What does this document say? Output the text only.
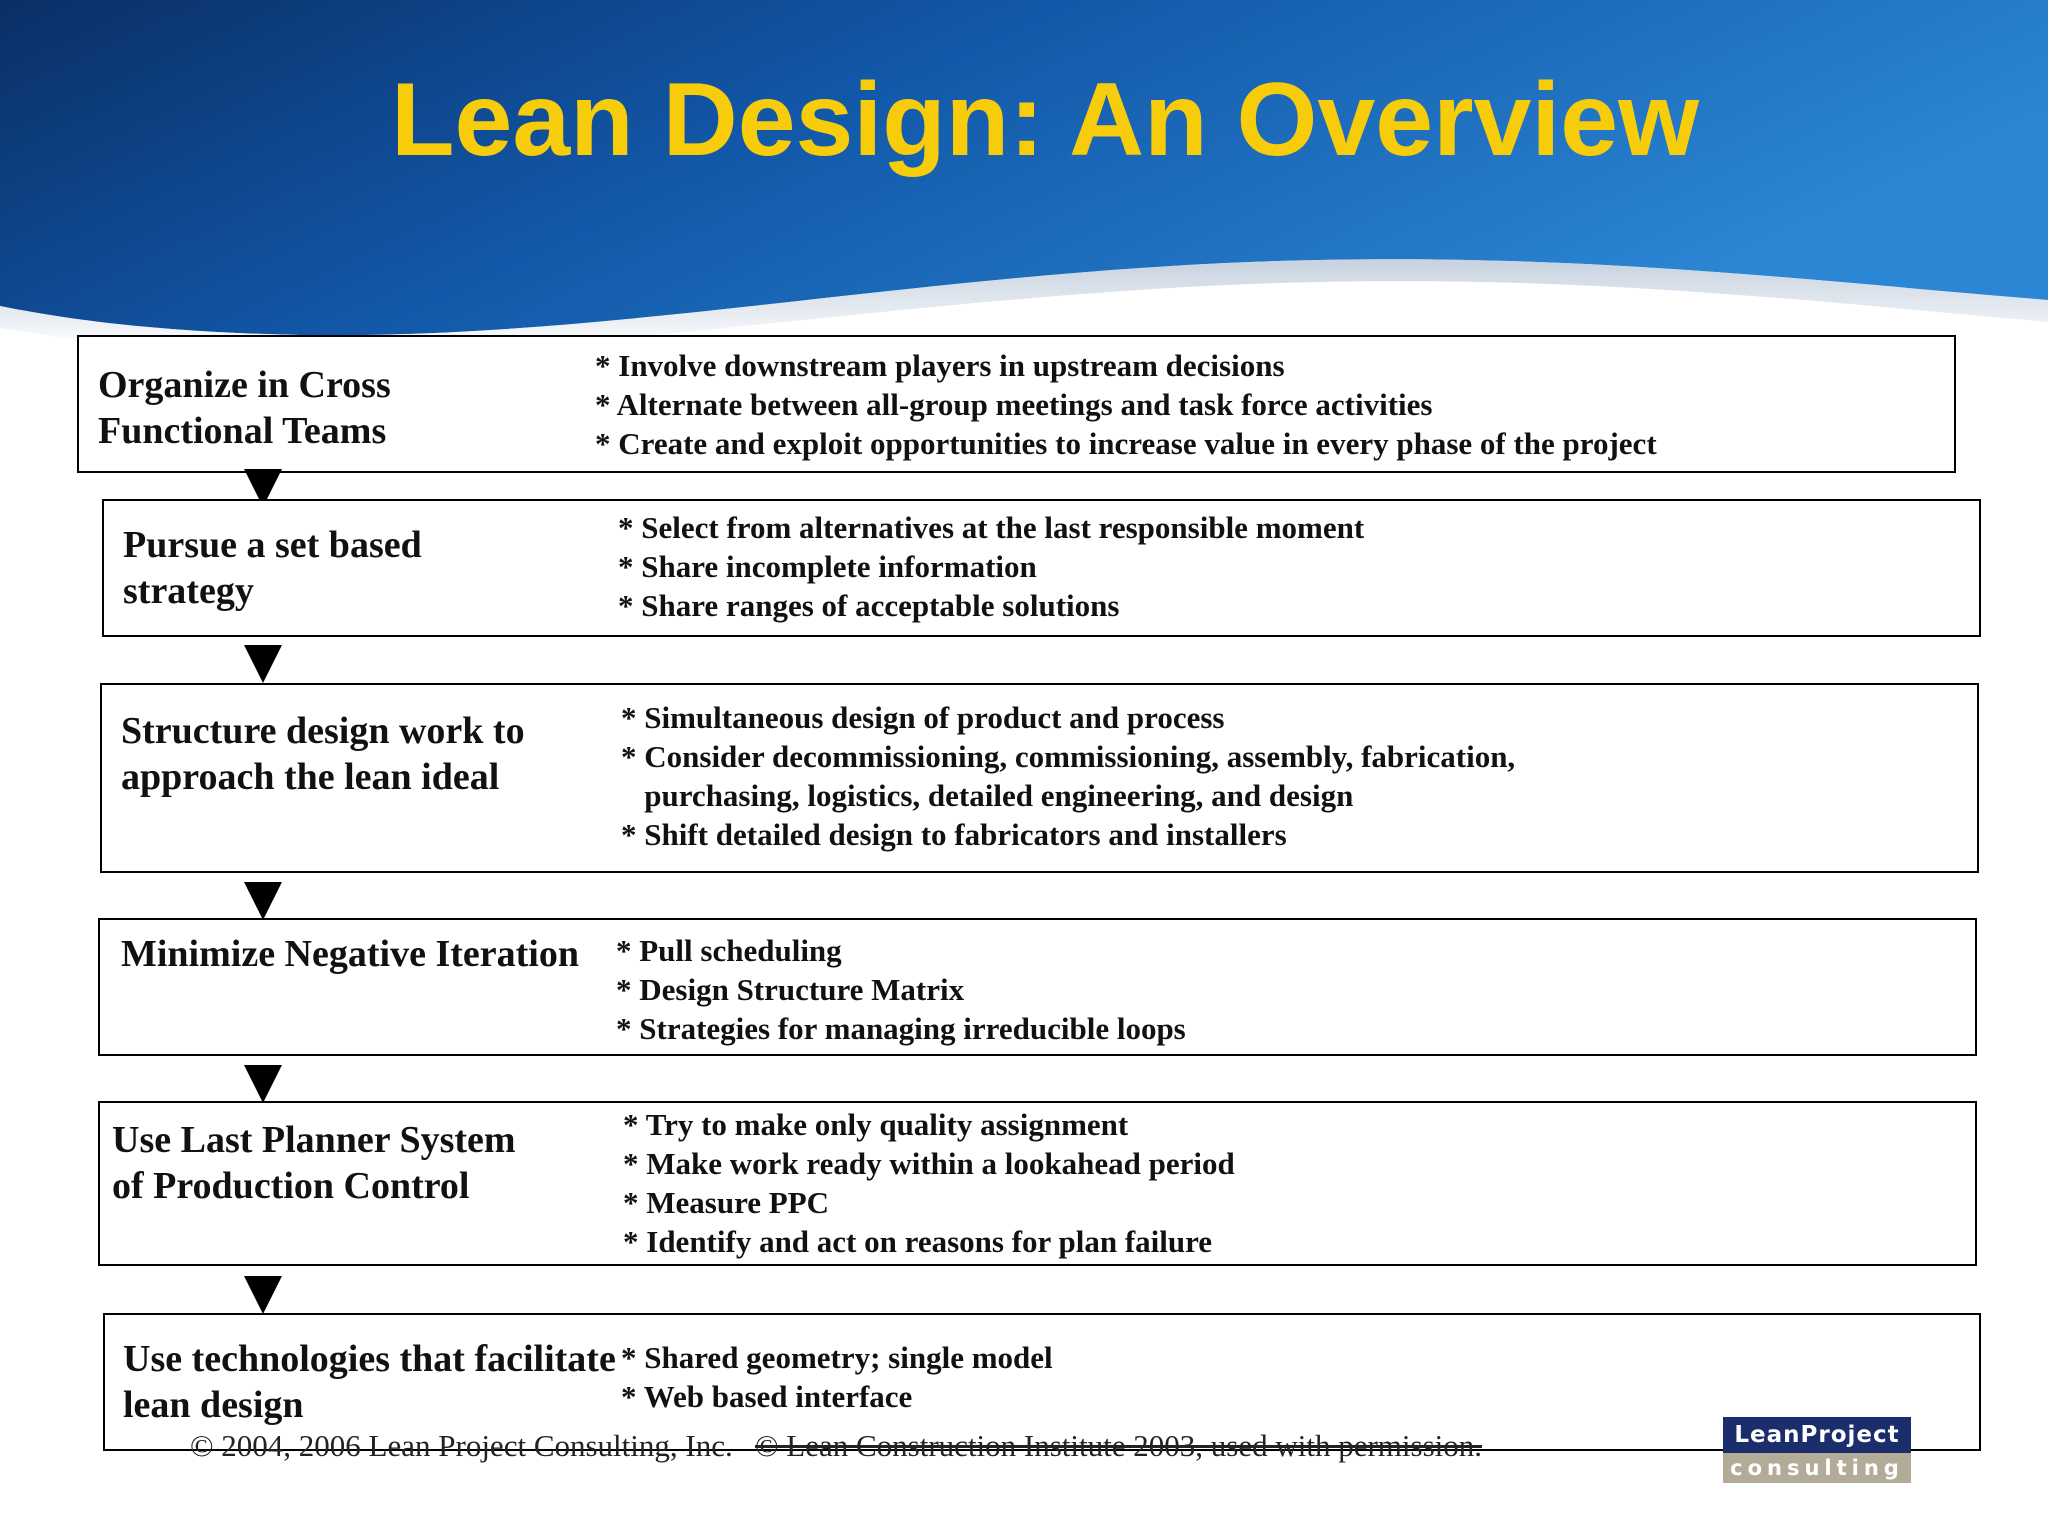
Lean Design: An Overview
Organize in Cross
Functional Teams
* Involve downstream players in upstream decisions
* Alternate between all-group meetings and task force activities
* Create and exploit opportunities to increase value in every phase of the project
Pursue a set based
strategy
* Select from alternatives at the last responsible moment
* Share incomplete information
* Share ranges of acceptable solutions
Structure design work to
approach the lean ideal
* Simultaneous design of product and process
* Consider decommissioning, commissioning, assembly, fabrication,
purchasing, logistics, detailed engineering, and design
* Shift detailed design to fabricators and installers
Minimize Negative Iteration * Pull scheduling
* Design Structure Matrix
* Strategies for managing irreducible loops
Use Last Planner System
of Production Control
* Try to make only quality assignment
* Make work ready within a lookahead period
* Measure PPC
* Identify and act on reasons for plan failure
Use technologies that facilitate
lean design
* Shared geometry; single model
* Web based interface
© 2004, 2006 Lean Project Consulting, Inc. © Lean Construction Institute 2003, used with permission.	LeanProject
consulting
